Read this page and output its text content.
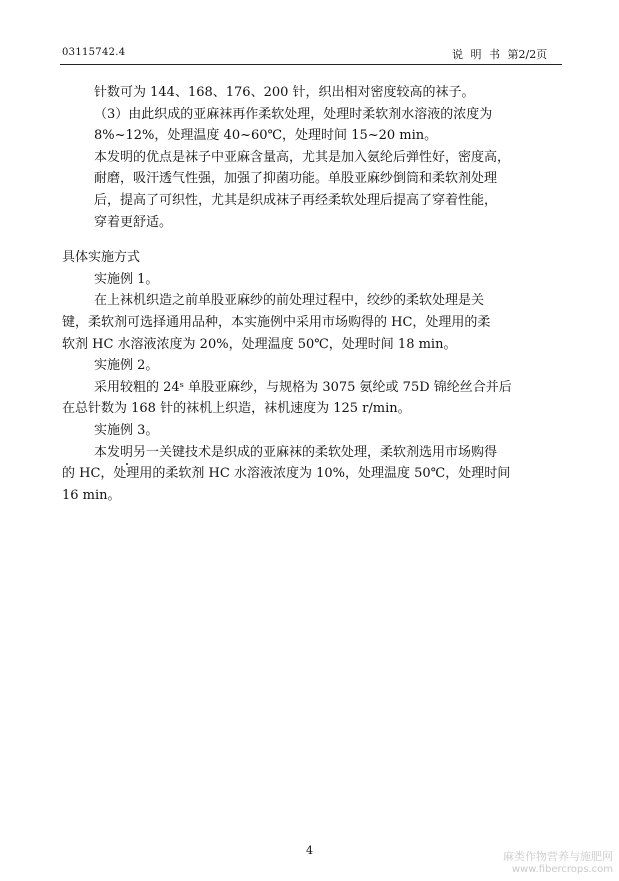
03115742.4	说 明 书 第2/2页
针数可为 144、168、176、200 针，织出相对密度较高的袜子。
（3）由此织成的亚麻袜再作柔软处理，处理时柔软剂水溶液的浓度为
8%~12%，处理温度 40~60℃，处理时间 15~20 min。
本发明的优点是袜子中亚麻含量高，尤其是加入氨纶后弹性好，密度高，
耐磨，吸汗透气性强，加强了抑菌功能。单股亚麻纱倒筒和柔软剂处理
后，提高了可织性，尤其是织成袜子再经柔软处理后提高了穿着性能，
穿着更舒适。
具体实施方式
实施例 1。
在上袜机织造之前单股亚麻纱的前处理过程中，绞纱的柔软处理是关
键，柔软剂可选择通用品种，本实施例中采用市场购得的 HC，处理用的柔
软剂 HC 水溶液浓度为 20%，处理温度 50℃，处理时间 18 min。
实施例 2。
采用较粗的 24ˢ 单股亚麻纱，与规格为 3075 氨纶或 75D 锦纶丝合并后
在总针数为 168 针的袜机上织造，袜机速度为 125 r/min。
实施例 3。
本发明另一关键技术是织成的亚麻袜的柔软处理，柔软剂选用市场购得
的 HC，处理用的柔软剂 HC 水溶液浓度为 10%，处理温度 50℃，处理时间
16 min。
4	麻类作物营养与施肥网
www.fibercrops.com
